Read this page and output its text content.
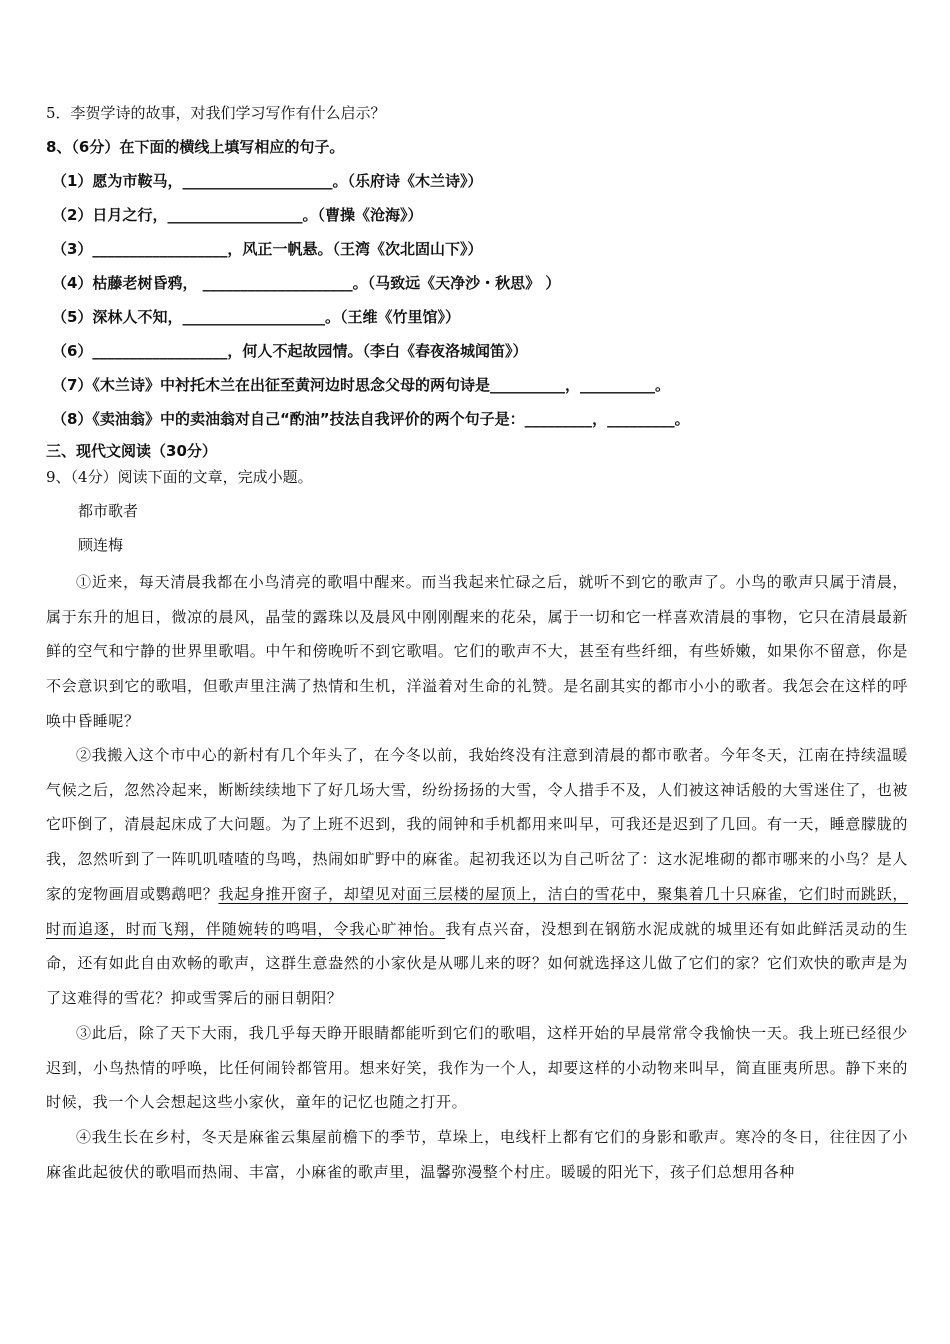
5．李贺学诗的故事，对我们学习写作有什么启示？
8、（6分）在下面的横线上填写相应的句子。
（1）愿为市鞍马，____________________。（乐府诗《木兰诗》）
（2）日月之行，__________________。（曹操《沧海》）
（3）__________________，风正一帆悬。（王湾《次北固山下》）
（4）枯藤老树昏鸦， ____________________。（马致远《天净沙・秋思》 ）
（5）深林人不知，___________________。（王维《竹里馆》）
（6）__________________，何人不起故园情。（李白《春夜洛城闻笛》）
（7）《木兰诗》中衬托木兰在出征至黄河边时思念父母的两句诗是__________，__________。
（8）《卖油翁》中的卖油翁对自己“酌油”技法自我评价的两个句子是：_________，_________。
三、现代文阅读（30分）
9、（4分）阅读下面的文章，完成小题。
都市歌者
顾连梅
①近来，每天清晨我都在小鸟清亮的歌唱中醒来。而当我起来忙碌之后，就听不到它的歌声了。小鸟的歌声只属于清晨，属于东升的旭日，微凉的晨风，晶莹的露珠以及晨风中刚刚醒来的花朵，属于一切和它一样喜欢清晨的事物，它只在清晨最新鲜的空气和宁静的世界里歌唱。中午和傍晚听不到它歌唱。它们的歌声不大，甚至有些纤细，有些娇嫩，如果你不留意，你是不会意识到它的歌唱，但歌声里注满了热情和生机，洋溢着对生命的礼赞。是名副其实的都市小小的歌者。我怎会在这样的呼唤中昏睡呢？
②我搬入这个市中心的新村有几个年头了，在今冬以前，我始终没有注意到清晨的都市歌者。今年冬天，江南在持续温暖气候之后，忽然冷起来，断断续续地下了好几场大雪，纷纷扬扬的大雪，令人措手不及，人们被这神话般的大雪迷住了，也被它吓倒了，清晨起床成了大问题。为了上班不迟到，我的闹钟和手机都用来叫早，可我还是迟到了几回。有一天，睡意朦胧的我，忽然听到了一阵叽叽喳喳的鸟鸣，热闹如旷野中的麻雀。起初我还以为自己听岔了：这水泥堆砌的都市哪来的小鸟？是人家的宠物画眉或鹦鹉吧？我起身推开窗子，却望见对面三层楼的屋顶上，洁白的雪花中，聚集着几十只麻雀，它们时而跳跃，时而追逐，时而飞翔，伴随婉转的鸣唱，令我心旷神怡。我有点兴奋，没想到在钢筋水泥成就的城里还有如此鲜活灵动的生命，还有如此自由欢畅的歌声，这群生意盎然的小家伙是从哪儿来的呀？如何就选择这儿做了它们的家？它们欢快的歌声是为了这难得的雪花？抑或雪霁后的丽日朝阳？
③此后，除了天下大雨，我几乎每天睁开眼睛都能听到它们的歌唱，这样开始的早晨常常令我愉快一天。我上班已经很少迟到，小鸟热情的呼唤，比任何闹铃都管用。想来好笑，我作为一个人，却要这样的小动物来叫早，简直匪夷所思。静下来的时候，我一个人会想起这些小家伙，童年的记忆也随之打开。
④我生长在乡村，冬天是麻雀云集屋前檐下的季节，草垛上，电线杆上都有它们的身影和歌声。寒冷的冬日，往往因了小麻雀此起彼伏的歌唱而热闹、丰富，小麻雀的歌声里，温馨弥漫整个村庄。暖暖的阳光下，孩子们总想用各种
